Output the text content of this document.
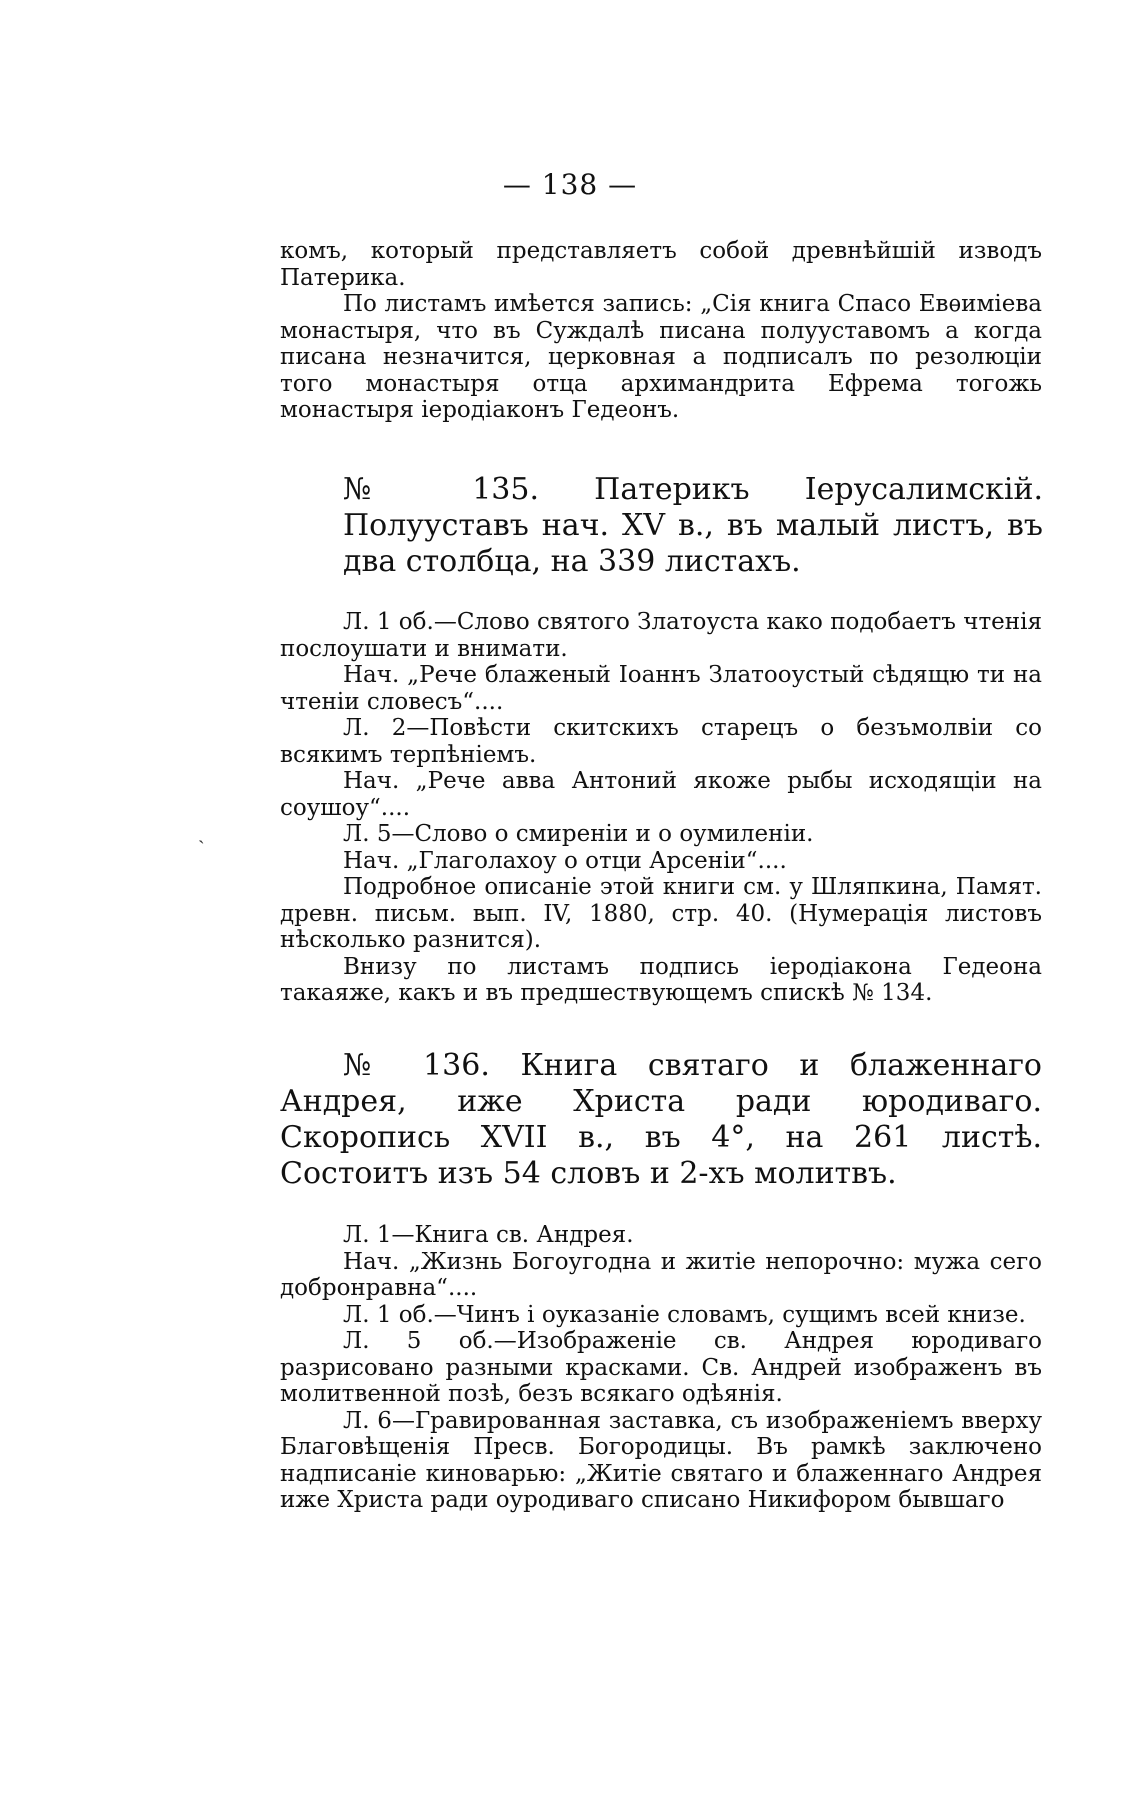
— 138 —

комъ, который представляетъ собой древнѣйшій изводъ Патерика.

По листамъ имѣется запись: „Сія книга Спасо Евѳиміева монастыря, что въ Суждалѣ писана полууставомъ а когда писана незначится, церковная а подписалъ по резолюціи того монастыря отца архимандрита Ефрема тогожь монастыря іеродіаконъ Гедеонъ.

№ 135. Патерикъ Іерусалимскій. Полууставъ нач. XV в., въ малый листъ, въ два столбца, на 339 листахъ.

Л. 1 об.—Слово святого Златоуста како подобаетъ чтенія послоушати и внимати.

Нач. „Рече блаженый Іоаннъ Златооустый сѣдящю ти на чтеніи словесъ“....

Л. 2—Повѣсти скитскихъ старецъ о безъмолвіи со всякимъ терпѣніемъ.

Нач. „Рече авва Антоний якоже рыбы исходящіи на соушоу“....

Л. 5—Слово о смиреніи и о оумиленіи.

Нач. „Глаголахоу о отци Арсеніи“....

Подробное описаніе этой книги см. у Шляпкина, Памят. древн. письм. вып. IV, 1880, стр. 40. (Нумерація листовъ нѣсколько разнится).

Внизу по листамъ подпись іеродіакона Гедеона такаяже, какъ и въ предшествующемъ спискѣ № 134.

ˏ

№ 136. Книга святаго и блаженнаго Андрея, иже Христа ради юродиваго. Скоропись XVII в., въ 4°, на 261 листѣ. Состоитъ изъ 54 словъ и 2-хъ молитвъ.

Л. 1—Книга св. Андрея.

Нач. „Жизнь Богоугодна и житіе непорочно: мужа сего добронравна“....

Л. 1 об.—Чинъ і оуказаніе словамъ, сущимъ всей книзе.

Л. 5 об.—Изображеніе св. Андрея юродиваго разрисовано разными красками. Св. Андрей изображенъ въ молитвенной позѣ, безъ всякаго одѣянія.

Л. 6—Гравированная заставка, съ изображеніемъ вверху Благовѣщенія Пресв. Богородицы. Въ рамкѣ заключено надписаніе киноварью: „Житіе святаго и блаженнаго Андрея иже Христа ради оуродиваго списано Никифором бывшаго
